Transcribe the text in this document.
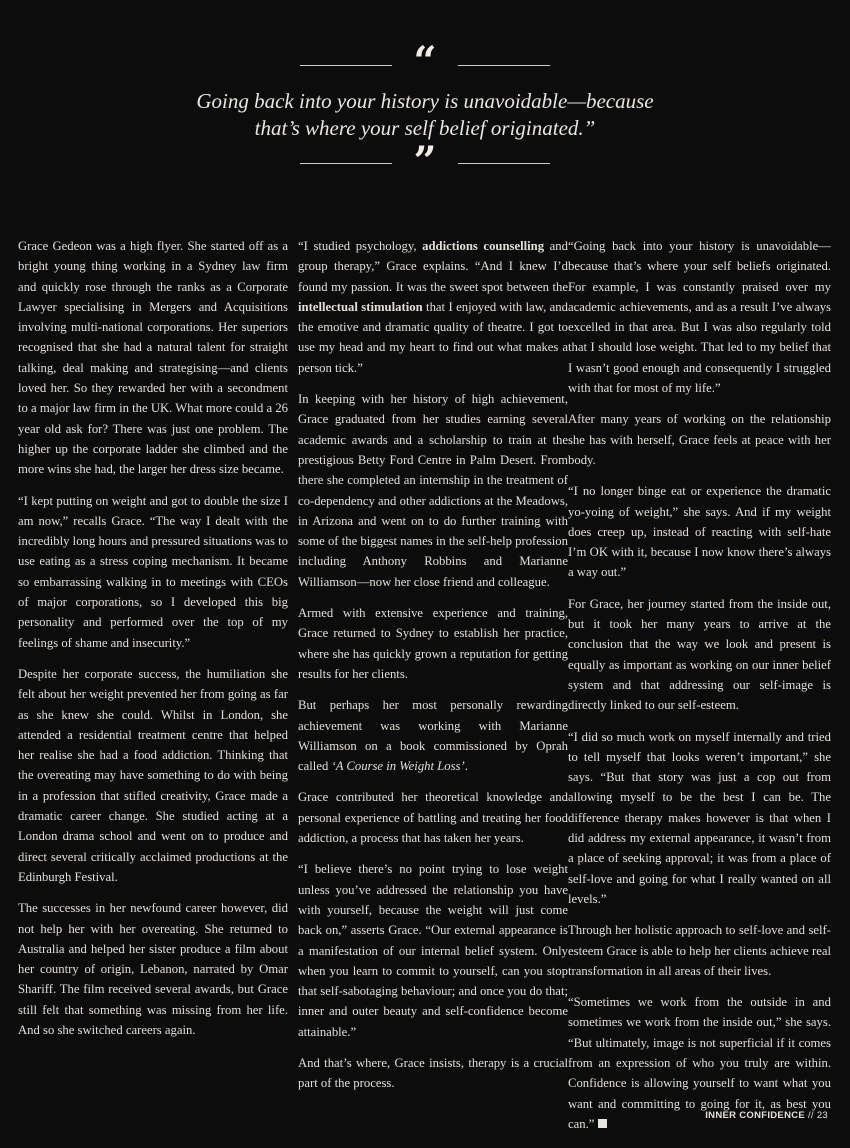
“

Going back into your history is unavoidable—because
that’s where your self belief originated.”

”

Grace Gedeon was a high flyer. She started off as a bright young thing working in a Sydney law firm and quickly rose through the ranks as a Corporate Lawyer specialising in Mergers and Acquisitions involving multi-national corporations. Her superiors recognised that she had a natural talent for straight talking, deal making and strategising—and clients loved her. So they rewarded her with a secondment to a major law firm in the UK. What more could a 26 year old ask for? There was just one problem. The higher up the corporate ladder she climbed and the more wins she had, the larger her dress size became.

“I kept putting on weight and got to double the size I am now,” recalls Grace. “The way I dealt with the incredibly long hours and pressured situations was to use eating as a stress coping mechanism. It became so embarrassing walking in to meetings with CEOs of major corporations, so I developed this big personality and performed over the top of my feelings of shame and insecurity.”

Despite her corporate success, the humiliation she felt about her weight prevented her from going as far as she knew she could. Whilst in London, she attended a residential treatment centre that helped her realise she had a food addiction. Thinking that the overeating may have something to do with being in a profession that stifled creativity, Grace made a dramatic career change. She studied acting at a London drama school and went on to produce and direct several critically acclaimed productions at the Edinburgh Festival.

The successes in her newfound career however, did not help her with her overeating. She returned to Australia and helped her sister produce a film about her country of origin, Lebanon, narrated by Omar Shariff. The film received several awards, but Grace still felt that something was missing from her life. And so she switched careers again.

“I studied psychology, addictions counselling and group therapy,” Grace explains. “And I knew I’d found my passion. It was the sweet spot between the intellectual stimulation that I enjoyed with law, and the emotive and dramatic quality of theatre. I got to use my head and my heart to find out what makes a person tick.”

In keeping with her history of high achievement, Grace graduated from her studies earning several academic awards and a scholarship to train at the prestigious Betty Ford Centre in Palm Desert. From there she completed an internship in the treatment of co-dependency and other addictions at the Meadows, in Arizona and went on to do further training with some of the biggest names in the self-help profession including Anthony Robbins and Marianne Williamson—now her close friend and colleague.

Armed with extensive experience and training, Grace returned to Sydney to establish her practice, where she has quickly grown a reputation for getting results for her clients.

But perhaps her most personally rewarding achievement was working with Marianne Williamson on a book commissioned by Oprah called ‘A Course in Weight Loss’.

Grace contributed her theoretical knowledge and personal experience of battling and treating her food addiction, a process that has taken her years.

“I believe there’s no point trying to lose weight unless you’ve addressed the relationship you have with yourself, because the weight will just come back on,” asserts Grace. “Our external appearance is a manifestation of our internal belief system. Only when you learn to commit to yourself, can you stop that self-sabotaging behaviour; and once you do that; inner and outer beauty and self-confidence become attainable.”

And that’s where, Grace insists, therapy is a crucial part of the process.

“Going back into your history is unavoidable—because that’s where your self beliefs originated. For example, I was constantly praised over my academic achievements, and as a result I’ve always excelled in that area. But I was also regularly told that I should lose weight. That led to my belief that I wasn’t good enough and consequently I struggled with that for most of my life.”

After many years of working on the relationship she has with herself, Grace feels at peace with her body.

“I no longer binge eat or experience the dramatic yo-yoing of weight,” she says. And if my weight does creep up, instead of reacting with self-hate I’m OK with it, because I now know there’s always a way out.”

For Grace, her journey started from the inside out, but it took her many years to arrive at the conclusion that the way we look and present is equally as important as working on our inner belief system and that addressing our self-image is directly linked to our self-esteem.

“I did so much work on myself internally and tried to tell myself that looks weren’t important,” she says. “But that story was just a cop out from allowing myself to be the best I can be. The difference therapy makes however is that when I did address my external appearance, it wasn’t from a place of seeking approval; it was from a place of self-love and going for what I really wanted on all levels.”

Through her holistic approach to self-love and self-esteem Grace is able to help her clients achieve real transformation in all areas of their lives.

“Sometimes we work from the outside in and sometimes we work from the inside out,” she says. “But ultimately, image is not superficial if it comes from an expression of who you truly are within. Confidence is allowing yourself to want what you want and committing to going for it, as best you can.”

INNER CONFIDENCE // 23
